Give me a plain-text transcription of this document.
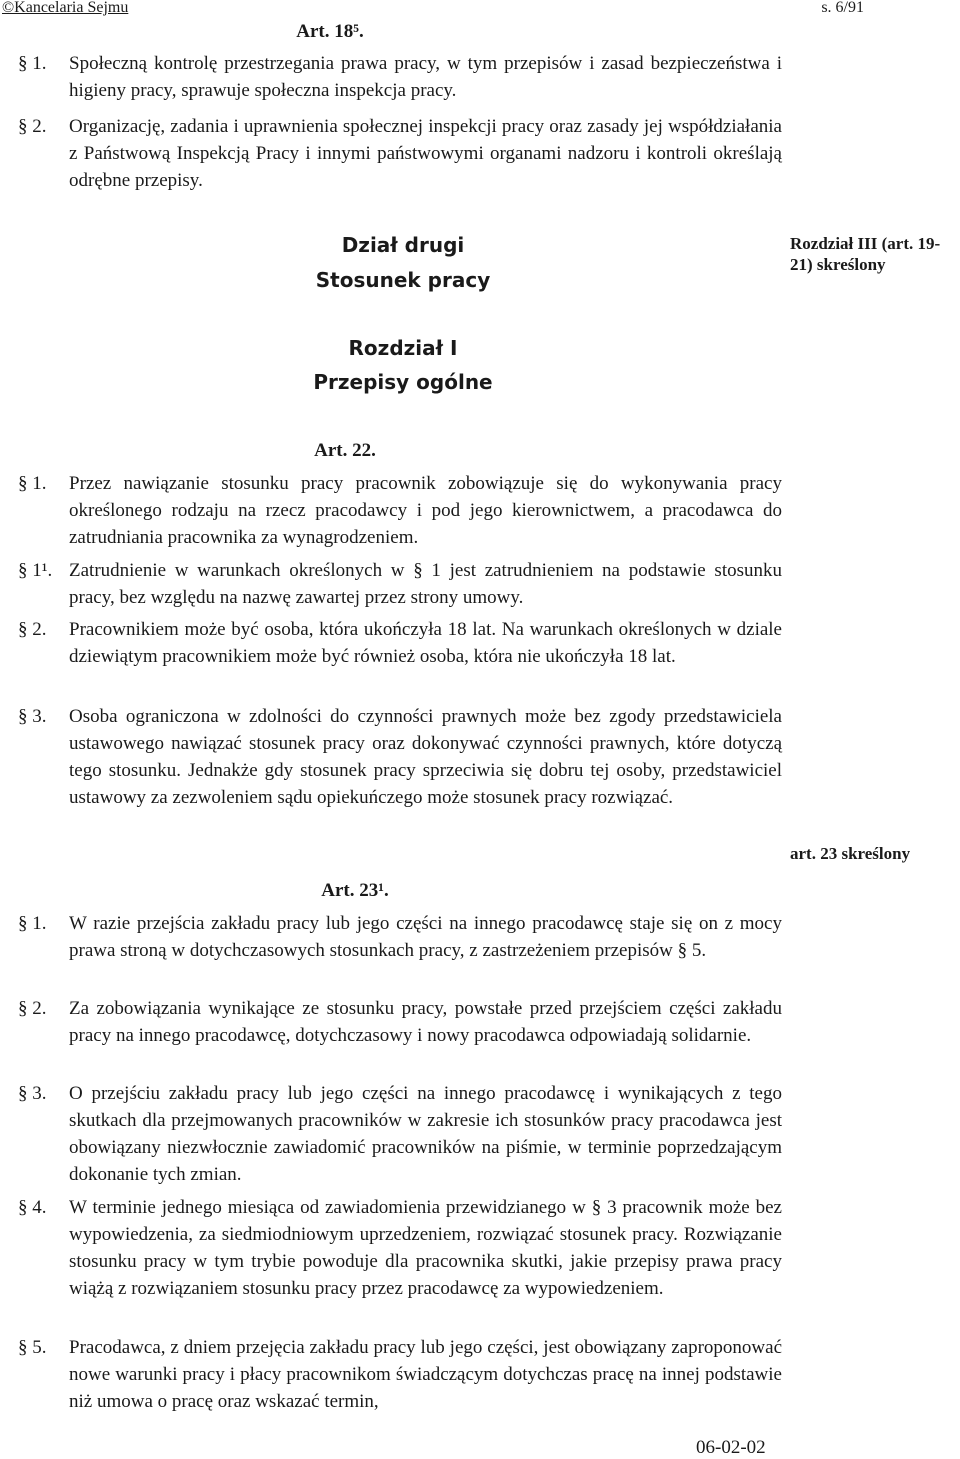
©Kancelaria Sejmu	s. 6/91
Art. 18⁵.
§ 1.	Społeczną kontrolę przestrzegania prawa pracy, w tym przepisów i zasad bezpieczeństwa i higieny pracy, sprawuje społeczna inspekcja pracy.
§ 2.	Organizację, zadania i uprawnienia społecznej inspekcji pracy oraz zasady jej współdziałania z Państwową Inspekcją Pracy i innymi państwowymi organami nadzoru i kontroli określają odrębne przepisy.
Dział drugi
Stosunek pracy
Rozdział III (art. 19-21) skreślony
Rozdział I
Przepisy ogólne
Art. 22.
§ 1.	Przez nawiązanie stosunku pracy pracownik zobowiązuje się do wykonywania pracy określonego rodzaju na rzecz pracodawcy i pod jego kierownictwem, a pracodawca do zatrudniania pracownika za wynagrodzeniem.
§ 1¹. Zatrudnienie w warunkach określonych w § 1 jest zatrudnieniem na podstawie stosunku pracy, bez względu na nazwę zawartej przez strony umowy.
§ 2.	Pracownikiem może być osoba, która ukończyła 18 lat. Na warunkach określonych w dziale dziewiątym pracownikiem może być również osoba, która nie ukończyła 18 lat.
§ 3.	Osoba ograniczona w zdolności do czynności prawnych może bez zgody przedstawiciela ustawowego nawiązać stosunek pracy oraz dokonywać czynności prawnych, które dotyczą tego stosunku. Jednakże gdy stosunek pracy sprzeciwia się dobru tej osoby, przedstawiciel ustawowy za zezwoleniem sądu opiekuńczego może stosunek pracy rozwiązać.
art. 23 skreślony
Art. 23¹.
§ 1.	W razie przejścia zakładu pracy lub jego części na innego pracodawcę staje się on z mocy prawa stroną w dotychczasowych stosunkach pracy, z zastrzeżeniem przepisów § 5.
§ 2.	Za zobowiązania wynikające ze stosunku pracy, powstałe przed przejściem części zakładu pracy na innego pracodawcę, dotychczasowy i nowy pracodawca odpowiadają solidarnie.
§ 3.	O przejściu zakładu pracy lub jego części na innego pracodawcę i wynikających z tego skutkach dla przejmowanych pracowników w zakresie ich stosunków pracy pracodawca jest obowiązany niezwłocznie zawiadomić pracowników na piśmie, w terminie poprzedzającym dokonanie tych zmian.
§ 4.	W terminie jednego miesiąca od zawiadomienia przewidzianego w § 3 pracownik może bez wypowiedzenia, za siedmiodniowym uprzedzeniem, rozwiązać stosunek pracy. Rozwiązanie stosunku pracy w tym trybie powoduje dla pracownika skutki, jakie przepisy prawa pracy wiążą z rozwiązaniem stosunku pracy przez pracodawcę za wypowiedzeniem.
§ 5.	Pracodawca, z dniem przejęcia zakładu pracy lub jego części, jest obowiązany zaproponować nowe warunki pracy i płacy pracownikom świadczącym dotychczas pracę na innej podstawie niż umowa o pracę oraz wskazać termin,
06-02-02
